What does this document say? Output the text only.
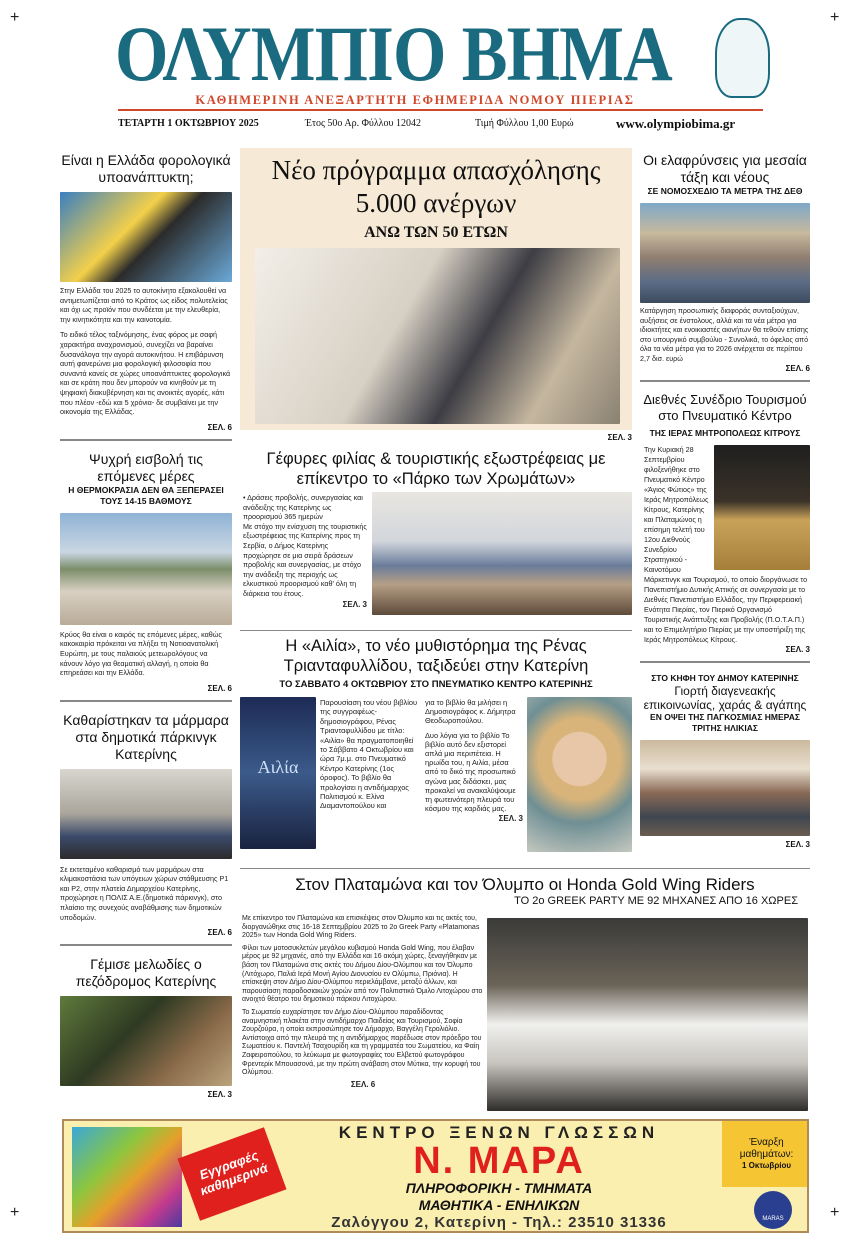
+	+
+	+
ΟΛΥΜΠΙΟ ΒΗΜΑ
ΚΑΘΗΜΕΡΙΝΗ ΑΝΕΞΑΡΤΗΤΗ ΕΦΗΜΕΡΙΔΑ ΝΟΜΟΥ ΠΙΕΡΙΑΣ
ΤΕΤΑΡΤΗ 1 ΟΚΤΩΒΡΙΟΥ 2025	Έτος 50ο Αρ. Φύλλου 12042	Τιμή Φύλλου 1,00 Ευρώ	www.olympiobima.gr
Είναι η Ελλάδα φορολογικά υποανάπτυκτη;

Στην Ελλάδα του 2025 το αυτοκίνητο εξακολουθεί να αντιμετωπίζεται από το Κράτος ως είδος πολυτελείας και όχι ως προϊόν που συνδέεται με την ελευθερία, την κινητικότητα και την καινοτομία.

Το ειδικό τέλος ταξινόμησης, ένας φόρος με σαφή χαρακτήρα αναχρονισμού, συνεχίζει να βαραίνει δυσανάλογα την αγορά αυτοκινήτου. Η επιβάρυνση αυτή φανερώνει μια φορολογική φιλοσοφία που συναντά κανείς σε χώρες υποανάπτυκτες φορολογικά και σε κράτη που δεν μπορούν να κινηθούν με τη ψηφιακή διακυβέρνηση και τις ανοικτές αγορές, κάτι που πλέον -εδώ και 5 χρόνια- δε συμβαίνει με την οικονομία της Ελλάδας.

ΣΕΛ. 6
Ψυχρή εισβολή τις επόμενες μέρες
Η ΘΕΡΜΟΚΡΑΣΙΑ ΔΕΝ ΘΑ ΞΕΠΕΡΑΣΕΙ ΤΟΥΣ 14-15 ΒΑΘΜΟΥΣ

Κρύος θα είναι ο καιρός τις επόμενες μέρες, καθώς κακοκαιρία πρόκειται να πλήξει τη Νοτιοανατολική Ευρώπη, με τους παλαιούς μετεωρολόγους να κάνουν λόγο για θεαματική αλλαγή, η οποία θα επηρεάσει και την Ελλάδα.

ΣΕΛ. 6
Καθαρίστηκαν τα μάρμαρα στα δημοτικά πάρκινγκ Κατερίνης

Σε εκτεταμένο καθαρισμό των μαρμάρων στα κλιμακοστάσια των υπόγειων χώρων στάθμευσης P1 και P2, στην πλατεία Δημαρχείου Κατερίνης, προχώρησε η ΠΟΛΙΣ Α.Ε.(δημοτικά πάρκινγκ), στο πλαίσιο της συνεχούς αναβάθμισης των δημοτικών υποδομών.

ΣΕΛ. 6
Γέμισε μελωδίες ο πεζόδρομος Κατερίνης
ΣΕΛ. 3
Νέο πρόγραμμα απασχόλησης
5.000 ανέργων
ΑΝΩ ΤΩΝ 50 ΕΤΩΝ
ΣΕΛ. 3
Γέφυρες φιλίας & τουριστικής εξωστρέφειας με επίκεντρο το «Πάρκο των Χρωμάτων»

• Δράσεις προβολής, συνεργασίας και ανάδειξης της Κατερίνης ως προορισμού 365 ημερών

Με στόχο την ενίσχυση της τουριστικής εξωστρέφειας της Κατερίνης προς τη Σερβία, ο Δήμος Κατερίνης προχώρησε σε μια σειρά δράσεων προβολής και συνεργασίας, με στόχο την ανάδειξη της περιοχής ως ελκυστικού προορισμού καθ' όλη τη διάρκεια του έτους.

ΣΕΛ. 3
Η «Αιλία», το νέο μυθιστόρημα της Ρένας Τριανταφυλλίδου, ταξιδεύει στην Κατερίνη
ΤΟ ΣΑΒΒΑΤΟ 4 ΟΚΤΩΒΡΙΟΥ ΣΤΟ ΠΝΕΥΜΑΤΙΚΟ ΚΕΝΤΡΟ ΚΑΤΕΡΙΝΗΣ
Αιλία
Παρουσίαση του νέου βιβλίου της συγγραφέως- δημοσιογράφου, Ρένας Τριανταφυλλίδου με τίτλο: «Αιλία» θα πραγματοποιηθεί το Σάββατο 4 Οκτωβρίου και ώρα 7μ.μ. στο Πνευματικό Κέντρο Κατερίνης (1ος όροφος). Το βιβλίο θα προλογίσει η αντιδήμαρχος Πολιτισμού κ. Ελίνα Διαμαντοπούλου και

για το βιβλίο θα μιλήσει η Δημοσιογράφος κ. Δήμητρα Θεοδωροπούλου.

Δυο λόγια για το βιβλίο Το βιβλίο αυτό δεν εξιστορεί απλά μια περιπέτεια. Η ηρωίδα του, η Αιλία, μέσα από το δικό της προσωπικό αγώνα μας διδάσκει, μας προκαλεί να ανακαλύψουμε τη φωτεινότερη πλευρά του κόσμου της καρδιάς μας.

ΣΕΛ. 3
Στον Πλαταμώνα και τον Όλυμπο οι Honda Gold Wing Riders
ΤΟ 2ο GREEK PARTY ΜΕ 92 ΜΗΧΑΝΕΣ ΑΠΟ 16 ΧΩΡΕΣ

Με επίκεντρο τον Πλαταμώνα και επισκέψεις στον Όλυμπο και τις ακτές του, διοργανώθηκε στις 16-18 Σεπτεμβρίου 2025 το 2ο Greek Party «Platamonas 2025» των Honda Gold Wing Riders.

Φίλοι των μοτοσυκλετών μεγάλου κυβισμού Honda Gold Wing, που έλαβαν μέρος με 92 μηχανές, από την Ελλάδα και 16 ακόμη χώρες, ξεναγήθηκαν με βάση τον Πλαταμώνα στις ακτές του Δήμου Δίου-Ολύμπου και τον Όλυμπο (Λιτόχωρο, Παλιά Ιερά Μονή Αγίου Διονυσίου εν Ολύμπω, Πριόνια). Η επίσκεψη στον Δήμο Δίου-Ολύμπου περιελάμβανε, μεταξύ άλλων, και παρουσίαση παραδοσιακών χορών από τον Πολιτιστικό Όμιλο Λιτοχώρου στο ανοιχτό θέατρο του δημοτικού πάρκου Λιτοχώρου.

Το Σωματείο ευχαρίστησε τον Δήμο Δίου-Ολύμπου παραδίδοντας αναμνηστική πλακέτα στην αντιδήμαρχο Παιδείας και Τουρισμού, Σοφία Ζουρζούρα, η οποία εκπροσώπησε τον Δήμαρχο, Βαγγέλη Γερολιόλιο. Αντίστοιχα από την πλευρά της η αντιδήμαρχος παρέδωσε στον πρόεδρο του Σωματείου κ. Παντελή Τσαχουρίδη και τη γραμματέα του Σωματείου, κα Φαίη Ζαφειροπούλου, το λεύκωμα με φωτογραφίες του Ελβετού φωτογράφου Φρεντερίκ Μπουασονά, με την πρώτη ανάβαση στον Μύτικα, την κορυφή του Ολύμπου.

ΣΕΛ. 6
Οι ελαφρύνσεις για μεσαία τάξη και νέους
ΣΕ ΝΟΜΟΣΧΕΔΙΟ ΤΑ ΜΕΤΡΑ ΤΗΣ ΔΕΘ
Κατάργηση προσωπικής διαφοράς συνταξιούχων, αυξήσεις σε ένστολους, αλλά και τα νέα μέτρα για ιδιοκτήτες και ενοικιαστές ακινήτων θα τεθούν επίσης στο υπουργικό συμβούλιο - Συνολικά, το όφελος από όλα τα νέα μέτρα για το 2026 ανέρχεται σε περίπου 2,7 δισ. ευρώ
ΣΕΛ. 6
Διεθνές Συνέδριο Τουρισμού στο Πνευματικό Κέντρο
ΤΗΣ ΙΕΡΑΣ ΜΗΤΡΟΠΟΛΕΩΣ ΚΙΤΡΟΥΣ
Την Κυριακή 28 Σεπτεμβρίου φιλοξενήθηκε στο Πνευματικό Κέντρο «Άγιος Φώτιος» της Ιεράς Μητροπόλεως Κίτρους, Κατερίνης και Πλαταμώνος η επίσημη τελετή του 12ου Διεθνούς Συνεδρίου Στρατηγικού - Καινοτόμου Μάρκετινγκ και Τουρισμού, το οποίο διοργάνωσε το Πανεπιστήμιο Δυτικής Αττικής σε συνεργασία με το Διεθνές Πανεπιστήμιο Ελλάδος, την Περιφερειακή Ενότητα Πιερίας, τον Πιερικό Οργανισμό Τουριστικής Ανάπτυξης και Προβολής (Π.Ο.Τ.Α.Π.) και το Επιμελητήριο Πιερίας με την υποστήριξη της Ιεράς Μητροπόλεως Κίτρους.
ΣΕΛ. 3
ΣΤΟ ΚΗΦΗ ΤΟΥ ΔΗΜΟΥ ΚΑΤΕΡΙΝΗΣ
Γιορτή διαγενεακής επικοινωνίας, χαράς & αγάπης
ΕΝ ΟΨΕΙ ΤΗΣ ΠΑΓΚΟΣΜΙΑΣ ΗΜΕΡΑΣ ΤΡΙΤΗΣ ΗΛΙΚΙΑΣ
ΣΕΛ. 3
Εγγραφές καθημερινά
ΚΕΝΤΡΟ ΞΕΝΩΝ ΓΛΩΣΣΩΝ
Ν. ΜΑΡΑ
ΠΛΗΡΟΦΟΡΙΚΗ - ΤΜΗΜΑΤΑ
ΜΑΘΗΤΙΚΑ - ΕΝΗΛΙΚΩΝ
Ζαλόγγου 2, Κατερίνη - Τηλ.: 23510 31336
Έναρξη
μαθημάτων:
1 Οκτωβρίου
MARAS
